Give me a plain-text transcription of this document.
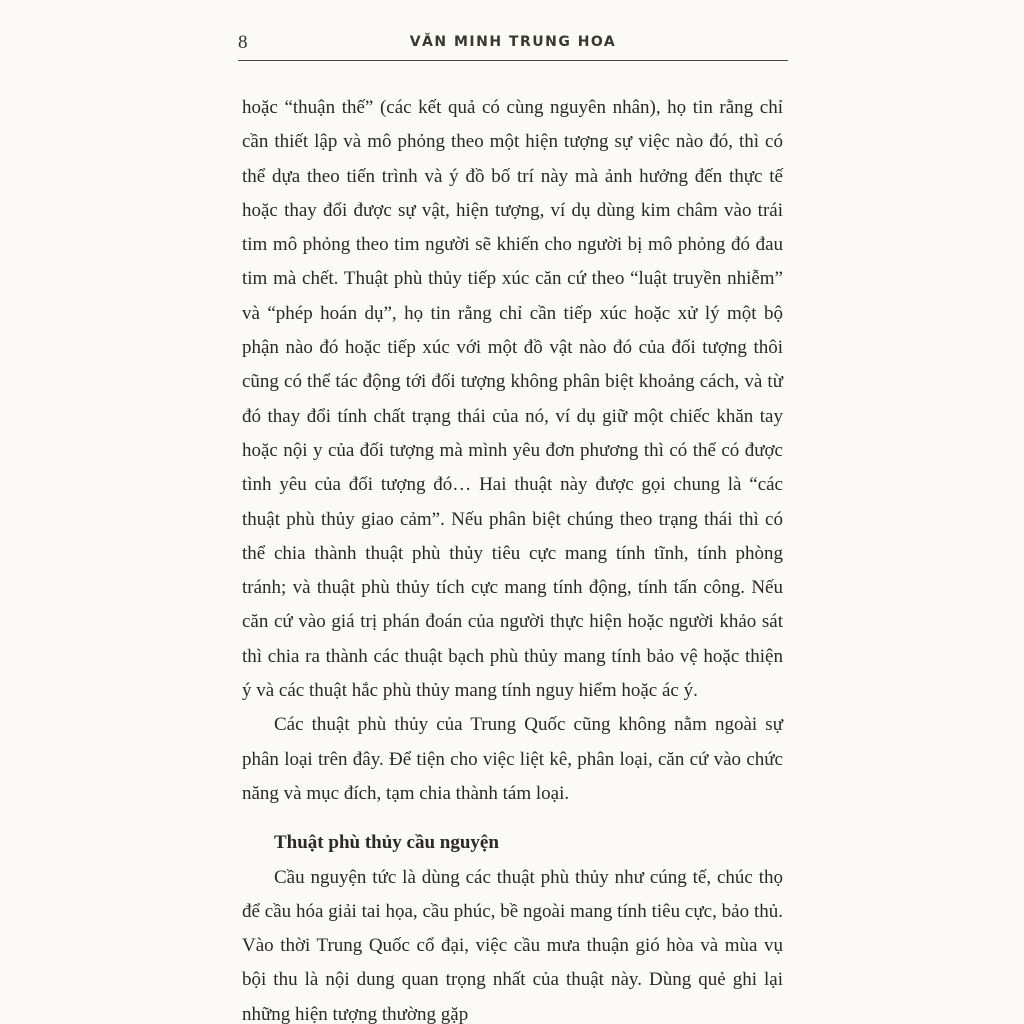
8	VĂN MINH TRUNG HOA

hoặc “thuận thế” (các kết quả có cùng nguyên nhân), họ tin rằng chỉ cần thiết lập và mô phỏng theo một hiện tượng sự việc nào đó, thì có thể dựa theo tiến trình và ý đồ bố trí này mà ảnh hưởng đến thực tế hoặc thay đổi được sự vật, hiện tượng, ví dụ dùng kim châm vào trái tim mô phỏng theo tim người sẽ khiến cho người bị mô phỏng đó đau tim mà chết. Thuật phù thủy tiếp xúc căn cứ theo “luật truyền nhiễm” và “phép hoán dụ”, họ tin rằng chỉ cần tiếp xúc hoặc xử lý một bộ phận nào đó hoặc tiếp xúc với một đồ vật nào đó của đối tượng thôi cũng có thể tác động tới đối tượng không phân biệt khoảng cách, và từ đó thay đổi tính chất trạng thái của nó, ví dụ giữ một chiếc khăn tay hoặc nội y của đối tượng mà mình yêu đơn phương thì có thể có được tình yêu của đối tượng đó… Hai thuật này được gọi chung là “các thuật phù thủy giao cảm”. Nếu phân biệt chúng theo trạng thái thì có thể chia thành thuật phù thủy tiêu cực mang tính tĩnh, tính phòng tránh; và thuật phù thủy tích cực mang tính động, tính tấn công. Nếu căn cứ vào giá trị phán đoán của người thực hiện hoặc người khảo sát thì chia ra thành các thuật bạch phù thủy mang tính bảo vệ hoặc thiện ý và các thuật hắc phù thủy mang tính nguy hiểm hoặc ác ý.

Các thuật phù thủy của Trung Quốc cũng không nằm ngoài sự phân loại trên đây. Để tiện cho việc liệt kê, phân loại, căn cứ vào chức năng và mục đích, tạm chia thành tám loại.

Thuật phù thủy cầu nguyện

Cầu nguyện tức là dùng các thuật phù thủy như cúng tế, chúc thọ để cầu hóa giải tai họa, cầu phúc, bề ngoài mang tính tiêu cực, bảo thủ. Vào thời Trung Quốc cổ đại, việc cầu mưa thuận gió hòa và mùa vụ bội thu là nội dung quan trọng nhất của thuật này. Dùng quẻ ghi lại những hiện tượng thường gặp
